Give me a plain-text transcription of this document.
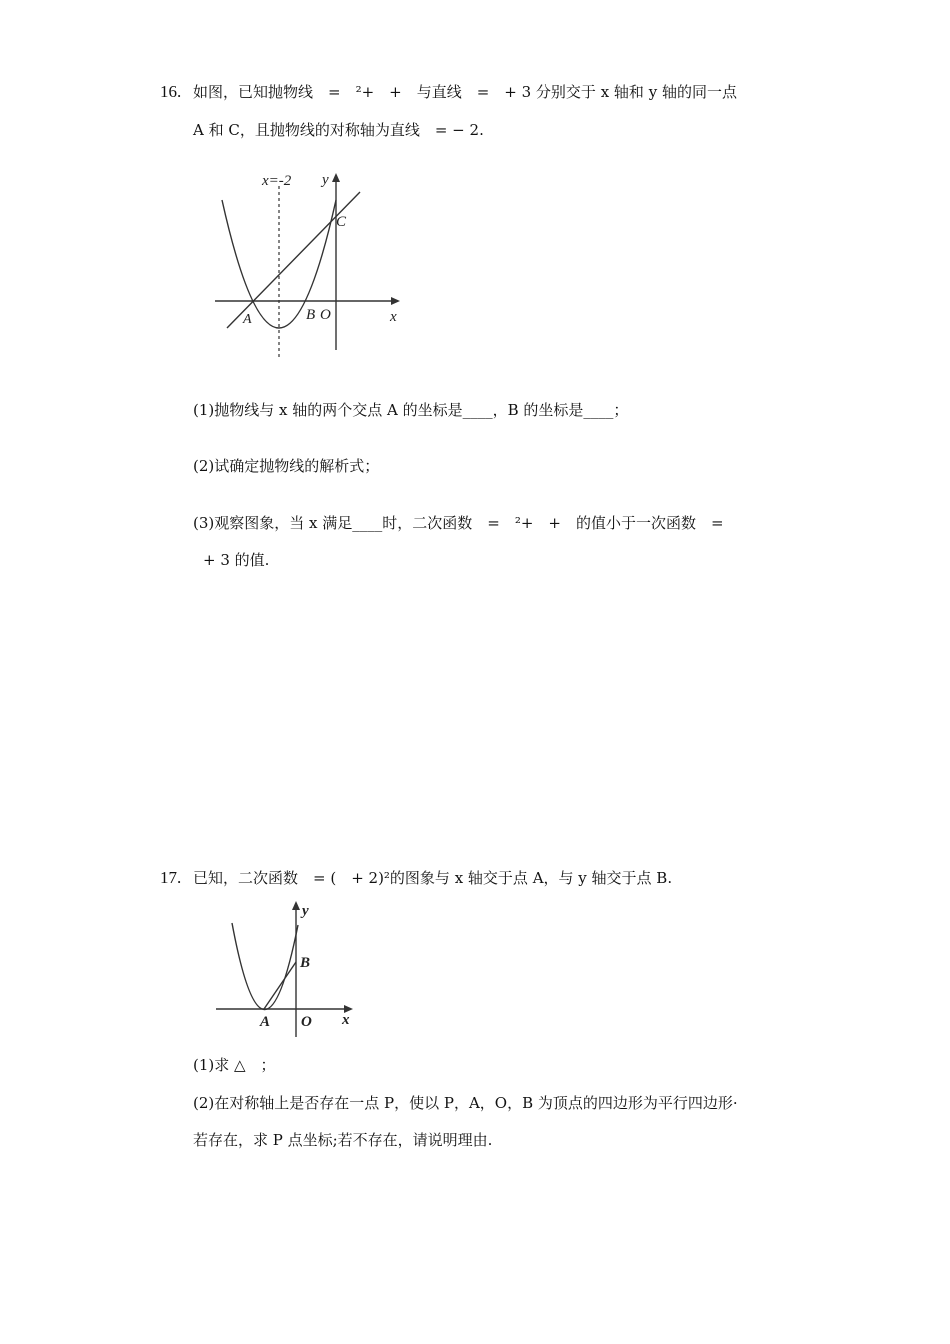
16. 如图，已知抛物线　=　²+　+　与直线　=　+ 3 分别交于 x 轴和 y 轴的同一点
A 和 C，且抛物线的对称轴为直线　= − 2.
x=-2 y
C
A	B O	x
(1)抛物线与 x 轴的两个交点 A 的坐标是____，B 的坐标是____；
(2)试确定抛物线的解析式；
(3)观察图象，当 x 满足____时，二次函数　=　²+　+　的值小于一次函数　=
+ 3 的值.
17. 已知，二次函数　= (　+ 2)²的图象与 x 轴交于点 A，与 y 轴交于点 B.
y
B
A O x
(1)求 △　；
(2)在对称轴上是否存在一点 P，使以 P，A，O，B 为顶点的四边形为平行四边形·
若存在，求 P 点坐标;若不存在，请说明理由.
